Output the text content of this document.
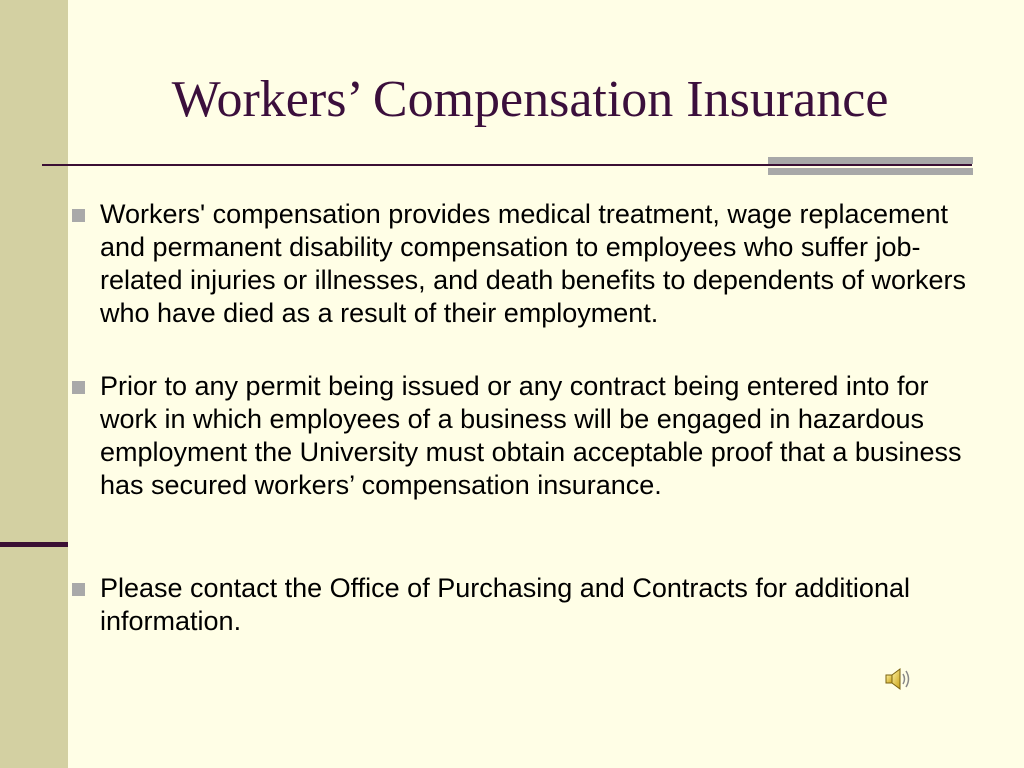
Workers’ Compensation Insurance
Workers' compensation provides medical treatment, wage replacement and permanent disability compensation to employees who suffer job-related injuries or illnesses, and death benefits to dependents of workers who have died as a result of their employment.
Prior to any permit being issued or any contract being entered into for work in which employees of a business will be engaged in hazardous employment the University must obtain acceptable proof that a business has secured workers’ compensation insurance.
Please contact the Office of Purchasing and Contracts for additional information.
